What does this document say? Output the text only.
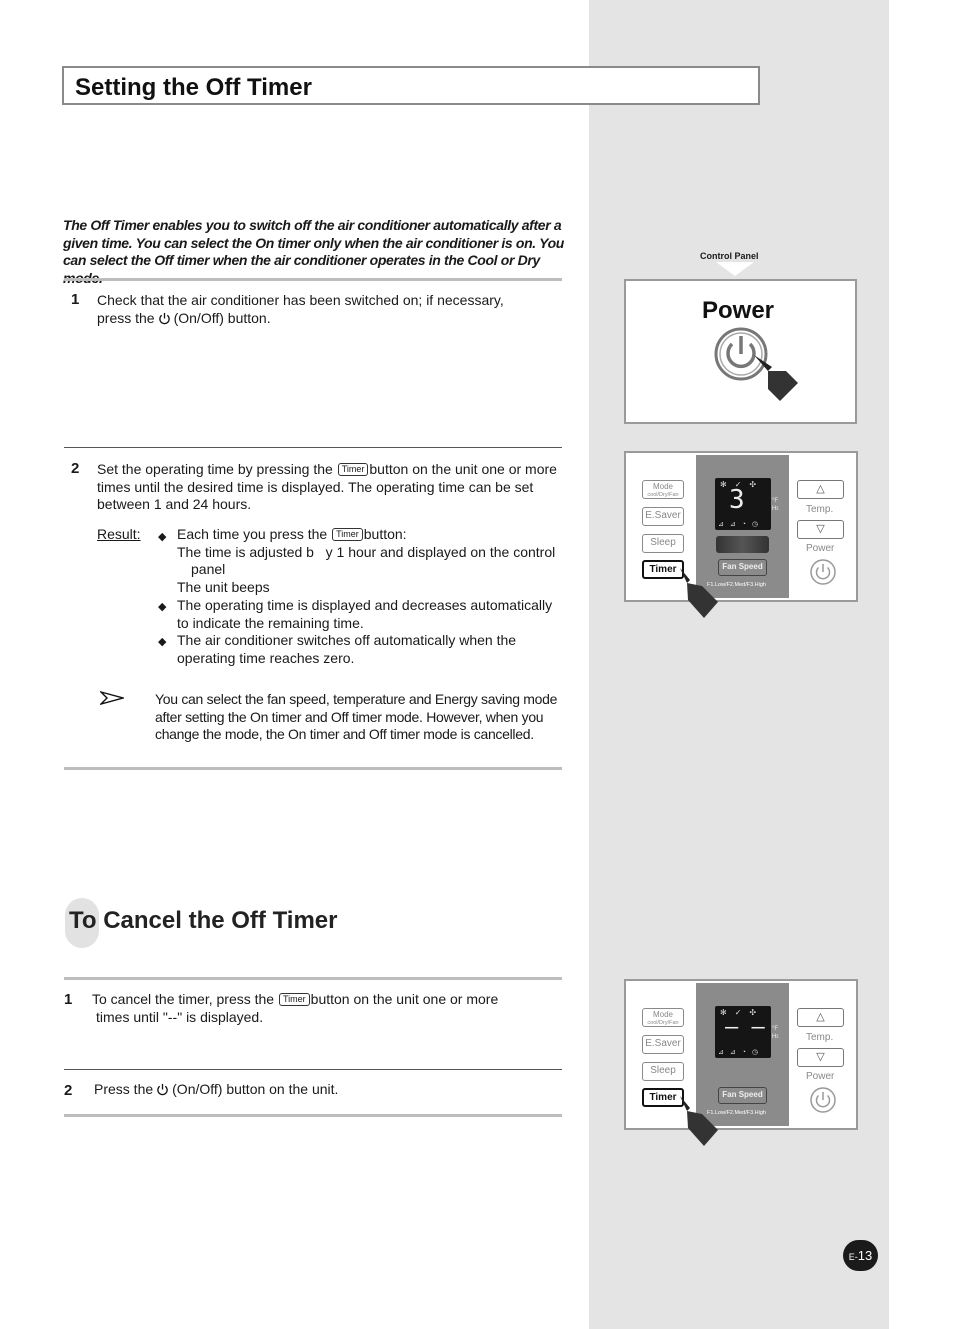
Setting the Off Timer
The Off Timer enables you to switch off the air conditioner automatically after a given time. You can select the On timer only when the air conditioner is on. You can select the Off timer when the air conditioner operates in the Cool or Dry
1 Check that the air conditioner has been switched on; if necessary,
press the (On/Off) button.
2 Set the operating time by pressing the Timer button on the unit one or more times until the desired time is displayed. The operating time can be set between 1 and 24 hours.
Result: ◆ Each time you press the Timer button:
The time is adjusted b   y 1 hour and displayed on the control
panel
The unit beeps
◆ The operating time is displayed and decreases automatically to indicate the remaining time.
◆ The air conditioner switches off automatically when the operating time reaches zero.
You can select the fan speed, temperature and Energy saving mode after setting the On timer and Off timer mode. However, when you change the mode, the On timer and Off timer mode is cancelled.
To Cancel the Off Timer
1 To cancel the timer, press the Timer button on the unit one or more
times until "--" is displayed.
2 Press the (On/Off) button on the unit.
Control Panel
Power
✻✓✣
3
⊿⊿◔◷
°F
Hr.
Fan Speed
F1.Low/F2.Med/F3.High
Mode
cool/Dry/Fan
E.Saver
Sleep
Timer
△
Temp.
▽
Power
✻✓✣
– –
⊿⊿◔◷
°F
Hr.
Fan Speed
F1.Low/F2.Med/F3.High
Mode
cool/Dry/Fan
E.Saver
Sleep
Timer
△
Temp.
▽
Power
E-13
